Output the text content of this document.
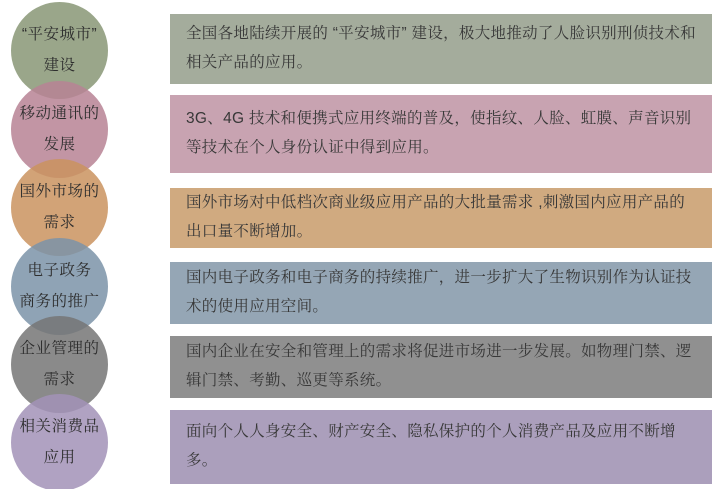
“平安城市”
建设
移动通讯的
发展
国外市场的
需求
电子政务
商务的推广
企业管理的
需求
相关消费品
应用
全国各地陆续开展的 “平安城市” 建设，极大地推动了人脸识别刑侦技术和相关产品的应用。
3G、4G 技术和便携式应用终端的普及，使指纹、人脸、虹膜、声音识别等技术在个人身份认证中得到应用。
国外市场对中低档次商业级应用产品的大批量需求 ,刺激国内应用产品的出口量不断增加。
国内电子政务和电子商务的持续推广，进一步扩大了生物识别作为认证技术的使用应用空间。
国内企业在安全和管理上的需求将促进市场进一步发展。如物理门禁、逻辑门禁、考勤、巡更等系统。
面向个人人身安全、财产安全、隐私保护的个人消费产品及应用不断增多。
